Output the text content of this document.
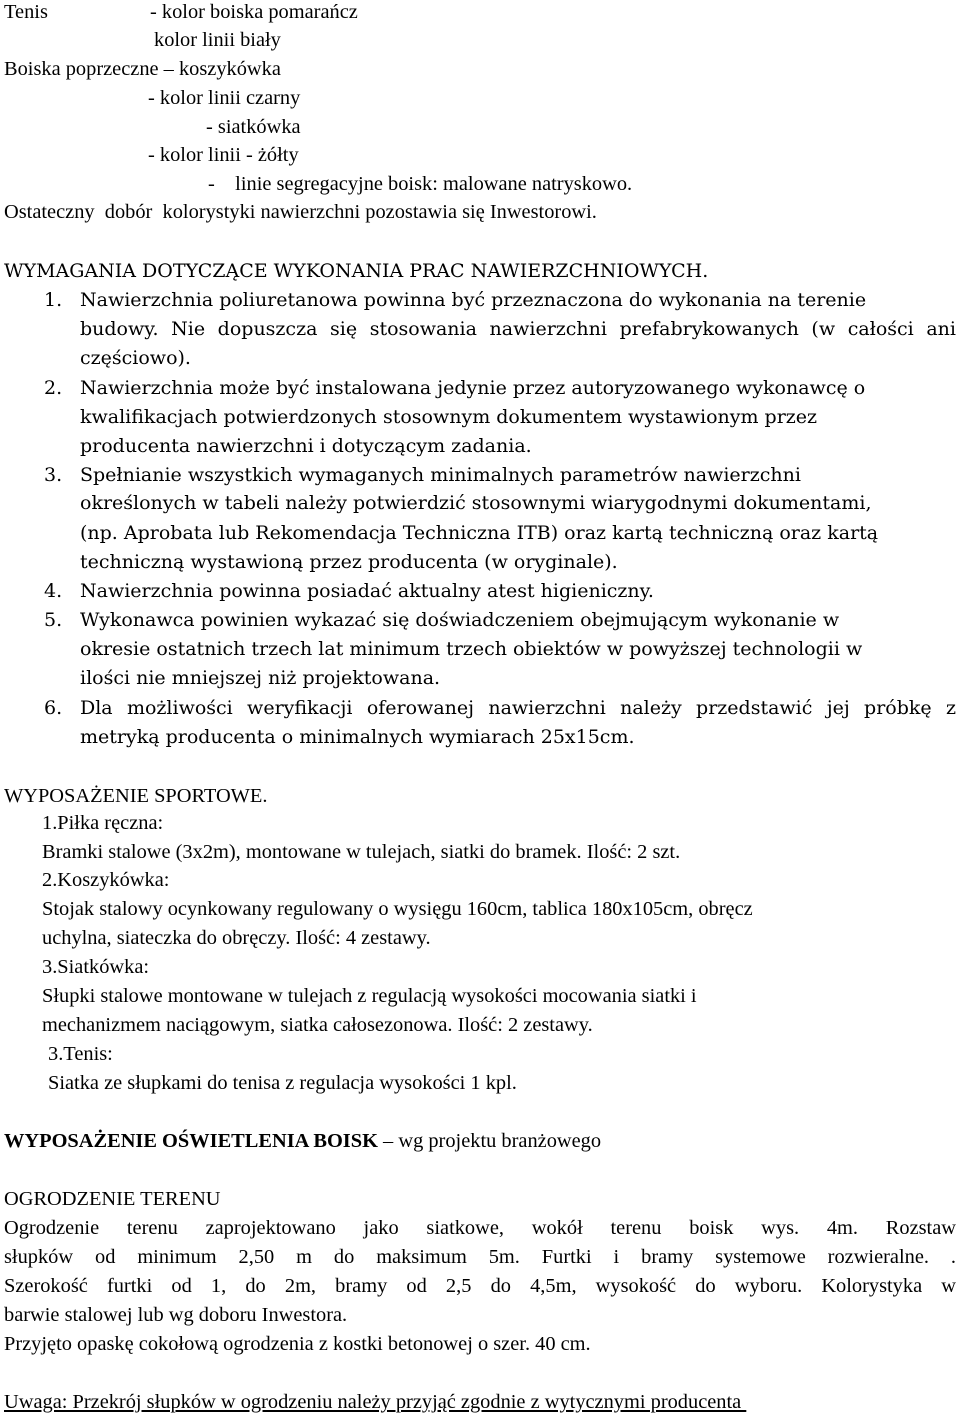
Tenis	- kolor boiska pomarańcz
kolor linii biały
Boiska poprzeczne – koszykówka
- kolor linii czarny
- siatkówka
- kolor linii - żółty
-    linie segregacyjne boisk: malowane natryskowo.
Ostateczny  dobór  kolorystyki nawierzchni pozostawia się Inwestorowi.
WYMAGANIA DOTYCZĄCE WYKONANIA PRAC NAWIERZCHNIOWYCH.
1. Nawierzchnia poliuretanowa powinna być przeznaczona do wykonania na terenie
budowy. Nie dopuszcza się stosowania nawierzchni prefabrykowanych (w całości ani
częściowo).
2. Nawierzchnia może być instalowana jedynie przez autoryzowanego wykonawcę o
kwalifikacjach potwierdzonych stosownym dokumentem wystawionym przez
producenta nawierzchni i dotyczącym zadania.
3. Spełnianie wszystkich wymaganych minimalnych parametrów nawierzchni
określonych w tabeli należy potwierdzić stosownymi wiarygodnymi dokumentami,
(np. Aprobata lub Rekomendacja Techniczna ITB) oraz kartą techniczną oraz kartą
techniczną wystawioną przez producenta (w oryginale).
4. Nawierzchnia powinna posiadać aktualny atest higieniczny.
5. Wykonawca powinien wykazać się doświadczeniem obejmującym wykonanie w
okresie ostatnich trzech lat minimum trzech obiektów w powyższej technologii w
ilości nie mniejszej niż projektowana.
6. Dla możliwości weryfikacji oferowanej nawierzchni należy przedstawić jej próbkę z
metryką producenta o minimalnych wymiarach 25x15cm.
WYPOSAŻENIE SPORTOWE.
1.Piłka ręczna:
Bramki stalowe (3x2m), montowane w tulejach, siatki do bramek. Ilość: 2 szt.
2.Koszykówka:
Stojak stalowy ocynkowany regulowany o wysięgu 160cm, tablica 180x105cm, obręcz
uchylna, siateczka do obręczy. Ilość: 4 zestawy.
3.Siatkówka:
Słupki stalowe montowane w tulejach z regulacją wysokości mocowania siatki i
mechanizmem naciągowym, siatka całosezonowa. Ilość: 2 zestawy.
3.Tenis:
Siatka ze słupkami do tenisa z regulacja wysokości 1 kpl.
WYPOSAŻENIE OŚWIETLENIA BOISK – wg projektu branżowego
OGRODZENIE TERENU
Ogrodzenie terenu zaprojektowano jako siatkowe, wokół terenu boisk wys. 4m. Rozstaw
słupków od minimum 2,50 m do maksimum 5m. Furtki i bramy systemowe rozwieralne. .
Szerokość furtki od 1, do 2m, bramy od 2,5 do 4,5m, wysokość do wyboru. Kolorystyka w
barwie stalowej lub wg doboru Inwestora.
Przyjęto opaskę cokołową ogrodzenia z kostki betonowej o szer. 40 cm.
Uwaga: Przekrój słupków w ogrodzeniu należy przyjąć zgodnie z wytycznymi producenta
